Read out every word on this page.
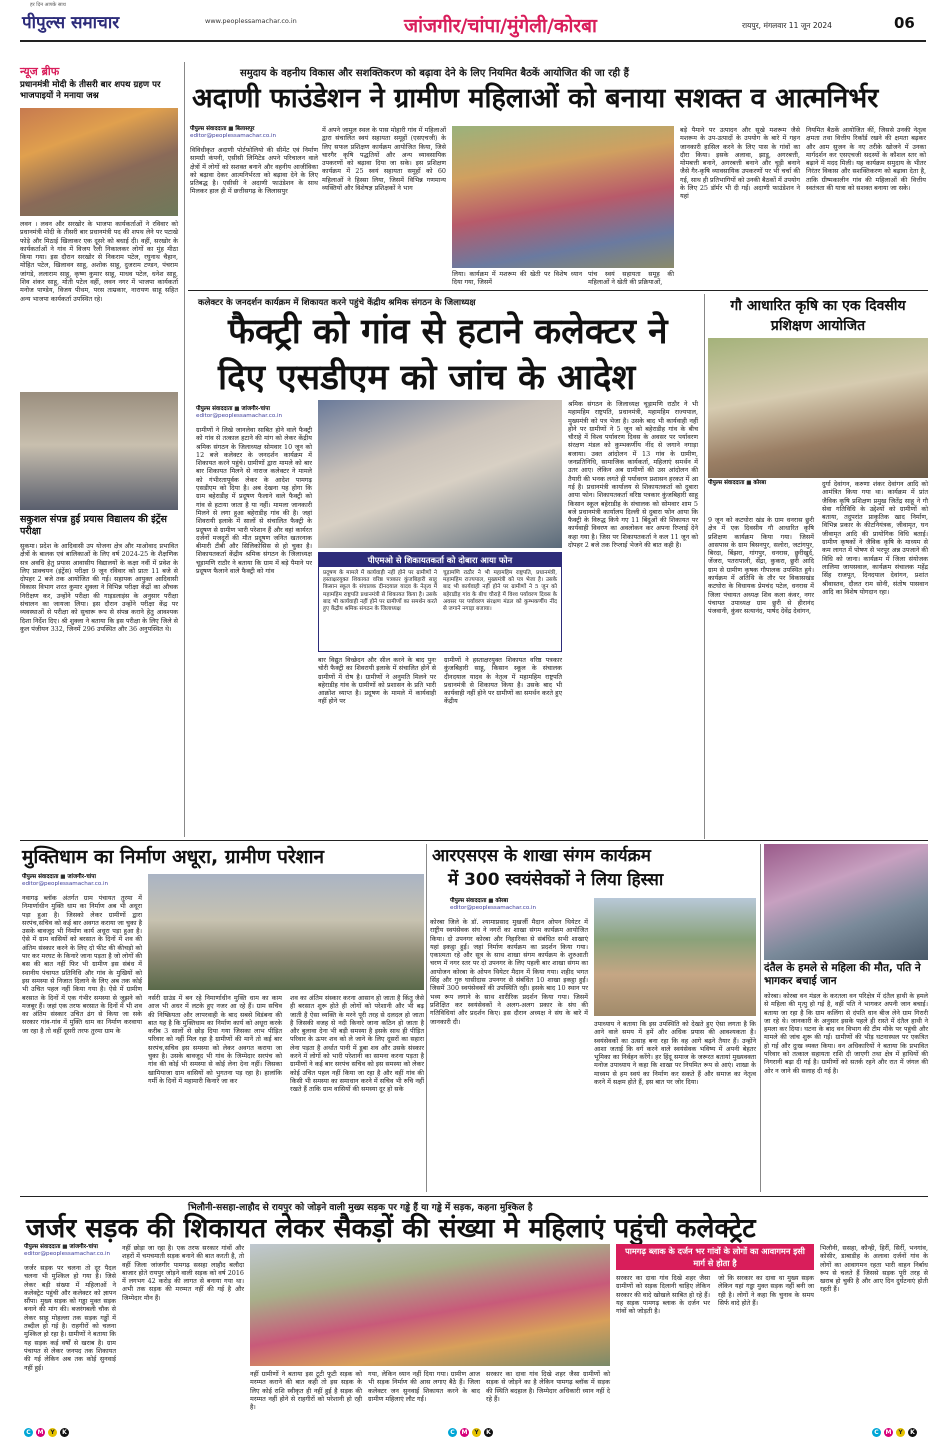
हर दिन आपके साथ
पीपुल्स समाचार	www.peoplessamachar.co.in	जांजगीर/चांपा/मुंगेली/कोरबा	रायपुर, मंगलवार 11 जून 2024	06
न्यूज ब्रीफ
प्रधानमंत्री मोदी के तीसरी बार शपथ ग्रहण पर भाजपाइयों ने मनाया जश्न
लवन । लवन और सरखोर के भाजपा कार्यकर्ताओं ने रविवार को प्रधानमंत्री मोदी के तीसरी बार प्रधानमंत्री पद की शपथ लेने पर पटाखे फोड़े और मिठाई खिलाकर एक दूसरे को बधाई दी। वहीं, सरखोर के कार्यकर्ताओं ने गांव में विजय रैली निकालकर लोगों का मुंह मीठा किया गया। इस दौरान सरखोर से निकराम पटेल, रघुनाथ चैहान, मोहित पटेल, खिलावन साहू, अशोक साहू, दुजराम टण्डन, पंचराम जांगडे, ललाराम साहू, कृष्ण कुमार साहू, माधव पटेल, धनेश साहू, शिव शंकर साहू, मोती पटेल वहीं, लवन नगर में भाजपा कार्यकर्ता मनोज पाण्डेय, विजय पीथम, परस ताम्रकार, नारायण साहू सहित अन्य भाजपा कार्यकर्ता उपस्थित रहे।
सकुशल संपन्न हुई प्रयास विद्यालय की इंट्रेंस परीक्षा
सुकमा। प्रदेश के आदिवासी उप योजना क्षेत्र और माओवाद प्रभावित क्षेत्रों के बालक एवं बालिकाओं के लिए वर्ष 2024-25 के शैक्षणिक सत्र अवधि हेतु प्रयास आवासीय विद्यालयों के कक्षा नवीं में प्रवेश के लिए प्राक्चयन (इंट्रेंस) परीक्षा 9 जून रविवार को प्रातः 11 बजे से दोपहर 2 बजे तक आयोजित की गई। सहायक आयुक्त आदिवासी विकास विभाग शरत कुमार शुक्ला ने विभिन्न परीक्षा केंद्रों का औचक निरीक्षण कर, उन्होंने परीक्षा की गाइडलाइंस के अनुसार परीक्षा संचालन का जायजा लिया। इस दौरान उन्होंने परीक्षा केंद्र पर व्यवस्थाओं से परीक्षा को सुचारू रूप से संपन्न कराने हेतु आवश्यक दिशा निर्देश दिए। श्री शुक्ला ने बताया कि इस परीक्षा के लिए जिले से कुल पंजीयन 332, जिनमें 296 उपस्थित और 36 अनुपस्थित थे।
समुदाय के वहनीय विकास और सशक्तिकरण को बढ़ावा देने के लिए नियमित बैठकें आयोजित की जा रही हैं
अदाणी फाउंडेशन ने ग्रामीण महिलाओं को बनाया सशक्त व आत्मनिर्भर
पीपुल्स संवाददाता ■ बिलासपुर
editor@peoplessamachar.co.in
विविधीकृत अदाणी पोर्टफोलियो की सीमेंट एवं निर्माण सामग्री कंपनी, एसीसी लिमिटेड अपने परिचालन वाले क्षेत्रों में लोगों को सशक्त बनाने और वहनीय आजीविका को बढ़ावा देकर आत्मनिर्भरता को बढ़ावा देने के लिए प्रतिबद्ध है। एसीसी ने अदाणी फाउंडेशन के साथ मिलकर हाल ही में छत्तीसगढ़ के जिलासपुर
में अपने जामुल स्थल के पास मोहारी गांव में महिलाओं द्वारा संचालित स्वयं सहायता समूहों (एसएचजी) के लिए सफल प्रशिक्षण कार्यक्रम आयोजित किया, जिसे चारगैर कृषि पद्धतियों और अन्य व्यावसायिक उपकरणों को बढ़ावा दिया जा सके। इस प्रशिक्षण कार्यक्रम में 25 स्वयं सहायता समूहों को 60 महिलाओं ने हिस्सा लिया, जिसमें विभिन्न गणमान्य व्यक्तियों और विशेषज्ञ प्रशिक्षकों ने भाग
लिया। कार्यक्रम में मशरूम की खेती पर विशेष ध्यान दिया गया, जिसमें
पांच स्वयं सहायता समूह की महिलाओं ने खेती की प्रक्रियाओं,
बड़े पैमाने पर उत्पादन और सूखे मशरूम जैसे मशरूम के उप-उत्पादों के उपयोग के बारे में गहन जानकारी हासिल करने के लिए पास के गांवों का दौरा किया। इसके अलावा, झाडू, अगरबत्ती, मोमबत्ती बनाने, अगरबत्ती बनाने और चूड़ी बनाने जैसे गैर-कृषि व्यावसायिक उपकरणों पर भी चर्चा की गई, साथ ही प्रतिभागियों को उनकी बैठकों में उपयोग के लिए 25 डॉर्मर भी दी गईं। अदाणी फाउंडेशन ने यहां
नियमित बैठकें आयोजित कीं, जिससे उनकी नेतृत्व क्षमता तथा वित्तीय रिकॉर्ड रखने की क्षमता बढ़कर और आम सुजन के नए तरीके खोजने में उनका मार्गदर्शन कर एसएचजी सदस्यों के कौशल स्तर को बढ़ाने में मदद मिली। यह कार्यक्रम समुदाय के भीतर निरंतर विकास और सशक्तिकरण को बढ़ावा देता है, ताकि ग्रीष्मकालीन गांव की महिलाओं की वित्तीय स्वतंत्रता की यात्रा को सशक्त बनाया जा सके।
कलेक्टर के जनदर्शन कार्यक्रम में शिकायत करने पहुंचे केंद्रीय श्रमिक संगठन के जिलाध्यक्ष
फैक्ट्री को गांव से हटाने कलेक्टर ने
दिए एसडीएम को जांच के आदेश
पीपुल्स संवाददाता ■ जांजगीर-चांपा
editor@peoplessamachar.co.in
ग्रामीणों ने लिखे जानलेवा साबित होने वाले फैक्ट्री को गांव से तत्काल हटाने की मांग को लेकर केंद्रीय श्रमिक संगठन के जिलाध्यक्ष सोमवार 10 जून को 12 बजे कलेक्टर के जनदर्शन कार्यक्रम में शिकायत करने पहुंचे। ग्रामीणों द्वारा मामले को बार बार शिकायत मिलने से नाराज कलेक्टर ने मामले को गंभीरतापूर्वक लेकर के आदेश पामगढ़ एसडीएम को दिया है। अब देखना यह होगा कि ग्राम बहेराडीह में प्रदूषण फैलाने वाले फैक्ट्री को गांव से हटाया जाता है या नहीं। मामला जानकारी मिलने से लगा हुआ बहेराडीह गांव की है। जहां शिवरायी इलाके में सालों से संचालित फैक्ट्री के प्रदूषण से ग्रामीण भारी परेशान हैं और वहां कार्यरत दर्जनों मजदूरों की मौत प्रदूषण जनित खतरनाक बीमारी टीबी और सिलिकोसिस से हो चुका है। शिकायतकर्ता केंद्रीय श्रमिक संगठन के जिलाध्यक्ष चूड़ामणि राठौर ने बताया कि ग्राम में बड़े पैमाने पर प्रदूषण फैलाने वाले फैक्ट्री को गांव
पीएमओ से शिकायतकर्ता को दोबारा आया फोन
प्रदूषण के मामले में कार्यवाही नहीं होने पर ग्रामीणों ने हस्ताक्षरयुक्त शिकायत वरिष्ठ पत्रकार कुंजबिहारी साहू किसान स्कूल के संचालक दीनदयाल यादव के नेतृत्व में महामहिम राष्ट्रपति प्रधानमंत्री से शिकायत किया है। उसके बाद भी कार्यवाही नहीं होने पर ग्रामीणों का समर्थन करते हुए केंद्रीय श्रमिक संगठन के जिलाध्यक्ष
चूड़ामणि राठौर ने भी महामहिम राष्ट्रपति, प्रधानमंत्री, महामहिम राज्यपाल, मुख्यमंत्री को पत्र भेजा है। उसके बाद भी कार्यवाही नहीं होने पर ग्रामीणों ने 5 जून को बहेराडीह गांव के बीच चौराहे में विश्व पर्यावरण दिवस के अवसर पर पर्यावरण संरक्षण मंडल को कुम्भकर्णीय नींद से जगाने नगाड़ा बजाया।
बार विद्युत विच्छेदन और सील करने के बाद पुनः चोरी फैक्ट्री का शिवरायी इलाके में संचालित होने से ग्रामीणों में रोष है। ग्रामीणों ने अनुमति मिलने पर बहेराडीह गांव के ग्रामीणों को प्रशासन के प्रति भारी आक्रोश व्याप्त है। प्रदूषण के मामले में कार्यवाही नहीं होने पर
ग्रामीणों ने हस्ताक्षरयुक्त शिकायत वरिष्ठ पत्रकार कुंजबिहारी साहू, किसान स्कूल के संचालक दीनदयाल यादव के नेतृत्व में महामहिम राष्ट्रपति प्रधानमंत्री से शिकायत किया है। उसके बाद भी कार्यवाही नहीं होने पर ग्रामीणों का समर्थन करते हुए केंद्रीय
श्रमिक संगठन के जिलाध्यक्ष चूड़ामणि राठौर ने भी महामहिम राष्ट्रपति, प्रधानमंत्री, महामहिम राज्यपाल, मुख्यमंत्री को पत्र भेजा है। उसके बाद भी कार्यवाही नहीं होने पर ग्रामीणों ने 5 जून को बहेराडीह गांव के बीच चौराहे में विश्व पर्यावरण दिवस के अवसर पर पर्यावरण संरक्षण मंडल को कुम्भकर्णीय नींद से जगाने नगाड़ा बजाया। उक्त आंदोलन में 13 गांव के ग्रामीण, जनप्रतिनिधि, सामाजिक कार्यकर्ता, महिलाएं समर्थन में उतर आए। लेकिन अब ग्रामीणों की उस आंदोलन की तैयारी की भनक लगते ही पर्यावरण प्रशासन हरकत में आ गई है। प्रधानमंत्री कार्यालय से शिकायतकर्ता को दुबारा आया फोन। शिकायतकर्ता वरिष्ठ पत्रकार कुंजबिहारी साहू किसान स्कूल बहेराडीह के संचालक को सोमवार शाम 5 बजे प्रधानमंत्री कार्यालय दिल्ली से दुबारा फोन आया कि फैक्ट्री के विरुद्ध किये गए 11 बिंदुओं की शिकायत पर कार्यवाही विवरण का अवलोकन कर अपना रिप्लाई देने कहा गया है। जिस पर शिकायतकर्ता ने कल 11 जून को दोपहर 2 बजे तक रिप्लाई भेजने की बात कही है।
गौ आधारित कृषि का एक दिवसीय प्रशिक्षण आयोजित
पीपुल्स संवाददाता ■ कोरबा
9 जून को कटघोरा खंड के ग्राम धनरास छुरी क्षेत्र में एक दिवसीय गौ आधारित कृषि प्रशिक्षण कार्यक्रम किया गया। जिसमें आसपास के ग्राम बिसनपुर, सलोरा, जटांगपुर, बिरदा, बिंझरा, गांगपुर, धनरास, छुरीखुर्द, जेंजरा, पतरापाली, सेंद्रा, कुकरा, छुरी आदि ग्राम से ग्रामीण कृषक गौपालक उपस्थित हुये। कार्यक्रम में अतिथि के तौर पर विकासखंड कटघोरा के विधायक प्रेमचंद पटेल, धनरास में जिला पंचायत अध्यक्ष शिव कला कंवर, नगर पंचायत उपाध्यक्ष ग्राम छुरी से हीरानंद पंजवानी, कुंवर सत्यानंद, पार्षद देवेंद्र देवांगन,
दुर्गा देवांगन, करुणा शंकर देवांगन आदि को आमंत्रित किया गया था। कार्यक्रम में प्रांत जैविक कृषि प्रशिक्षण प्रमुख जितेंद्र साहू ने गौ सेवा गतिविधि के उद्देश्यों को ग्रामीणों को बताया, तदुपरांत प्राकृतिक खाद निर्माण, विभिन्न प्रकार के कीटनियंत्रक, जीवामृत, घन जीवामृत आदि की प्रायोगिक विधि बताई। ग्रामीण कृषकों ने जैविक कृषि के माध्यम से कम लागत में पोषण से भरपूर अन्न उपजाने की विधि को जाना। कार्यक्रम में जिला संयोजक लालिमा जायसवाल, कार्यक्रम संचालक महेंद्र सिंह राजपूत, दिनदयाल देवांगन, प्रशांत श्रीवास्तव, दौलत राम सोनी, संतोष पासवान आदि का विशेष योगदान रहा।
मुक्तिधाम का निर्माण अधूरा, ग्रामीण परेशान
पीपुल्स संवाददाता ■ जांजगीर-चांपा
editor@peoplessamachar.co.in
नवागढ़ ब्लॉक अंतर्गत ग्राम पंचायत तुरमा में निमार्णाधीन मुक्ति धाम का निर्माण अब भी अधूरा पड़ा हुआ है। जिसको लेकर ग्रामीणों द्वारा सरपंच,सचिव को कई बार अवगत कराया जा चुका है उसके बावजूद भी निर्माण कार्य अधूरा पड़ा हुआ है। ऐसे में ग्राम वासियों को बरसात के दिनों में शव की अंतिम संस्कार करने के लिए दो फीट की कीचड़ो को पार कर मरघट के किनारे जाना पड़ता है जो लोगों की बस की बात नहीं फिर भी ग्रामीण इस संबंध में स्थानीय पंचायत प्रतिनिधि और गांव के मुखियों को इस समस्या से निजात दिलाने के लिए अब तक कोई भी उचित पहल नहीं किया गया है। ऐसे में ग्रामीण बरसात के दिनों में एक गंभीर समस्या से जूझने को मजबूर हैं। जहां एक तरफ बरसात के दिनों में भी शव का अंतिम संस्कार उचित ढंग से किया जा सके सरकार गांव-गांव में मुक्ति धाम का निर्माण करवाया जा रहा है तो वहीं दूसरी तरफ तुरमा ग्राम के
नर्सरी ग्राउंड में बन रहे निमार्णाधीन मुक्ति धाम का काम आज भी अधर में लटके हुए नजर आ रहे हैं। ग्राम सचिव की निष्क्रियता और लापरवाही के बाद सबसे विडंबना की बात यह है कि मुक्तिधाम का निर्माण कार्य को अधूरा करके करीब 3 सालों से छोड़ दिया गया जिसका लाभ पीड़ित परिवार को नहीं मिल रहा है ग्रामीणों की मानें तो कई बार सरपंच,सचिव इस समस्या को लेकर अवगत कराया जा चुका है। उसके बावजूद भी गांव के जिम्मेदार सरपंच को गांव की कोई भी समस्या से कोई लेना देना नहीं। जिसका खामियाजा ग्राम वासियों को भुगतना पड़ रहा है। हालांकि गर्मी के दिनों में महामारी किनारे जा कर
शव का अंतिम संस्कार करना आसान हो जाता है किंतु जैसे ही बरसात शुरू होते ही लोगों को परेशानी और भी बढ़ जाती है ऐसा व्यक्ति के मरने पूरी तरह से दलदल हो जाता है जिसकी वजह से नदी किनारे जाना कठिन हो जाता है और बुलावा देना भी बड़ी समस्या है इसके साथ ही पीड़ित परिवार के ऊपर शव को ले जाने के लिए दूसरों का सहारा लेना पड़ता है अर्थात पानी में डूबा शव और उसके संस्कार करने में लोगों को भारी परेशानी का सामना करना पड़ता है ग्रामीणों ने कई बार सरपंच सचिव को इस समस्या को लेकर कोई उचित पहल नहीं किया जा रहा है और वहीं गांव की किसी भी समस्या का समाधान करने में सचिव भी रुचि नहीं रखते हैं ताकि ग्राम वासियों की समस्या दूर हो सके
आरएसएस के शाखा संगम कार्यक्रम
में 300 स्वयंसेवकों ने लिया हिस्सा
पीपुल्स संवाददाता ■ कोरबा
editor@peoplessamachar.co.in
कोरबा जिले के डॉ. श्यामाप्रसाद मुखर्जी मैदान ओपन थियेटर में राष्ट्रीय स्वयंसेवक संघ ने नगरों का शाखा संगम कार्यक्रम आयोजित किया। दो उपनगर कोरबा और निहारिका से संबंधित सभी शाखाएं यहां इकट्ठा हुईं। जहां निर्माण कार्यक्रम का प्रदर्शन किया गया। एकात्मता रहे और सूत्र के साथ शाखा संगम कार्यक्रम के शुरुआती चरण में नगर स्तर पर दो उपनगर के लिए पहली बार शाखा संगम का आयोजन कोरबा के ओपन थियेटर मैदान में किया गया। शहीद भगत सिंह और गुरु घासीदास उपनगर से संबंधित 10 शाखा इकट्ठा हुईं। जिसमें 300 स्वयंसेवकों की उपस्थिति रही। इसके बाद 10 स्थान पर भव्य रूप लगाने के साथ शारीरिक प्रदर्शन किया गया। जिसमें प्रशिक्षित कर स्वयंसेवकों ने अलग-अलग प्रकार के संघ की गतिविधियां और प्रदर्शन किए। इस दौरान अध्यक्ष ने संघ के बारे में जानकारी दी।	उपाध्याय ने बताया कि इस उपस्थिति को देखते हुए ऐसा लगता है कि आने वाले समय में हमें और अधिक प्रयास की आवश्यकता है। स्वयंसेवकों का उत्साह बना रहा कि वह आगे बढ़ने तैयार हैं। उन्होंने आशा जताई कि वर्ग करने वाले स्वयंसेवक भविष्य में अपनी बेहतर भूमिका का निर्वहन करेंगे। हर हिंदू समाज के जरूरत बतायां मुख्यवक्ता मनोज उपाध्याय ने कहा कि शाखा पर नियमित रूप से आएं। शाखा के माध्यम से हम स्वयं का निर्माण कर सकते हैं और समाज का नेतृत्व करने में सक्षम होते हैं, इस बात पर जोर दिया।
दंतैल के हमले से महिला की मौत, पति ने भागकर बचाई जान
कोरबा। कोरबा वन मंडल के करतला वन परिक्षेत्र में दंतैल हाथी के हमले से महिला की मृत्यु हो गई है, वहीं पति ने भागकर अपनी जान बचाई। बताया जा रहा है कि ग्राम कलिंगा से दंपति धान बीज लेने ग्राम गिरारी जा रहे थे। जानकारी के अनुसार इसके पहले ही रास्ते में दंतैल हाथी ने हमला कर दिया। घटना के बाद वन विभाग की टीम मौके पर पहुंची और मामले की जांच शुरू की गई। ग्रामीणों की भीड़ घटनास्थल पर एकत्रित हो गई और दुःख व्यक्त किया। वन अधिकारियों ने बताया कि प्रभावित परिवार को तत्काल सहायता राशि दी जाएगी तथा क्षेत्र में हाथियों की निगरानी बढ़ा दी गई है। ग्रामीणों को सतर्क रहने और रात में जंगल की ओर न जाने की सलाह दी गई है।
भिलौनी-ससहा-लाहौद से रायपुर को जोड़ने वाली मुख्य सड़क पर गड्ढे हैं या गड्ढे में सड़क, कहना मुश्किल है
जर्जर सड़क की शिकायत लेकर सैकड़ों की संख्या मे महिलाएं पहुंची कलेक्ट्रेट
पीपुल्स संवाददाता ■ जांजगीर-चांपा
editor@peoplessamachar.co.in
जर्जर सड़क पर चलना तो दूर पैदल चलना भी मुश्किल हो गया है। जिसे लेकर बड़ी संख्या में महिलाओं ने कलेक्ट्रेट पहुंची और कलेक्टर को ज्ञापन सौंपा। मुख्य सड़क को गड्ढा मुक्त सड़क बनाने की मांग की। बजरंगबली चौक से लेकर साहू मोहल्ला तक सड़क गड्ढों में तब्दील हो गई है। राहगीरों को चलना मुश्किल हो रहा है। ग्रामीणों ने बताया कि यह सड़क कई वर्षों से खराब है। ग्राम पंचायत से लेकर जनपद तक शिकायत की गई लेकिन अब तक कोई सुनवाई नहीं हुई।
नहीं छोड़ा जा रहा है। एक तरफ सरकार गांवों और शहरों में चमचमाती सड़क बनाने की बात करती है, तो वहीं जिला जांजगीर पामगढ़ ससहा लाहौद बलौदा बाजार होते रायपुर जोड़ने वाली सड़क को वर्ष 2016 में लगभग 42 करोड़ की लागत से बनाया गया था। अभी तक सड़क की मरम्मत नहीं की गई है और जिम्मेदार मौन हैं।
नहीं ग्रामीणों ने बताया इस टूटी फूटी सड़क को मरम्मत कराने की बात कही तो इस सड़क के लिए कोई राशि स्वीकृत ही नहीं हुई है सड़क की मरम्मत नहीं होने से राहगीरों को परेशानी हो रही है।
गया, लेकिन ध्यान नहीं दिया गया। ग्रामीण आज भी सड़क निर्माण की आस लगाए बैठे हैं। जिला कलेक्टर जन सुनवाई शिकायत करने के बाद ग्रामीण महिलाएं लौट गईं।
सरकार का दावा गांव दिखे शहर जैसा ग्रामीणों को सड़क से जोड़ने का है लेकिन पामगढ़ ब्लॉक में सड़क की स्थिति बदहाल है। जिम्मेदार अधिकारी ध्यान नहीं दे रहे हैं।
पामगढ़ ब्लाक के दर्जन भर गांवों के लोगों का आवागमन इसी मार्ग से होता है
सरकार का दावा गांव दिखे शहर जैसा ग्रामीणों को सड़क दिलानी चाहिए लेकिन सरकार की वादे खोखले साबित हो रहे हैं। यह सड़क पामगढ़ ब्लाक के दर्जन भर गांवों को जोड़ती है।
जो कि सरकार का दावा था मुख्य सड़क लेकिन यहां गड्ढा मुक्त सड़क नहीं बनी जा रही है। लोगों ने कहा कि चुनाव के समय सिर्फ वादे होते हैं।
भिलौनी, ससहा, कौन्ही, हिर्री, सिर्री, भनगांव, कोसीर, डाबाडीह के अलावा दर्जनों गांव के लोगों का आवागमन रहता भारी वाहन निर्बाध रूप से चलते हैं जिससे सड़क पूरी तरह से खराब हो चुकी है और आए दिन दुर्घटनाएं होती रहती हैं।
C	M	Y	K	C	M	Y	K	C	M	Y	K
